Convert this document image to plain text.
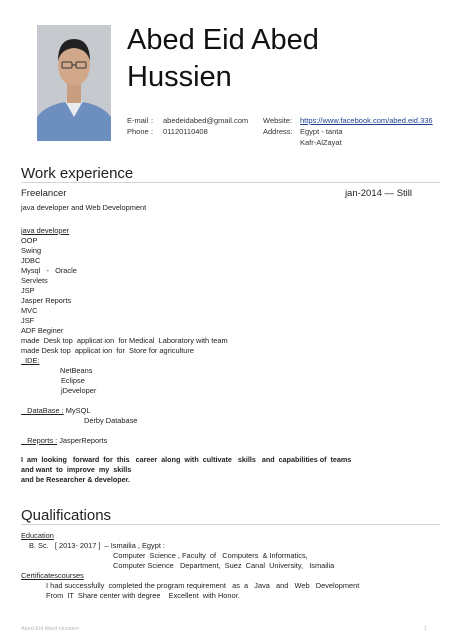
Abed Eid Abed
Hussien
E-mail : abedeidabed@gmail.com
Phone : 01120110408
Website: https://www.facebook.com/abed.eid.336
Address: Egypt - tanta
Kafr-AlZayat
Work experience
Freelancer	jan-2014 — Still
java developer and Web Development
java developer
OOP
Swing
JDBC
Mysql   -   Oracle
Servlets
JSP
Jasper Reports
MVC
JSF
ADF Beginer
made  Desk top  applicat ion  for Medical  Laboratory with team
made Desk top  applicat ion  for  Store for agriculture
IDE:
NetBeans
Eclipse
jDeveloper
DataBase : MySQL
Derby Database
Reports : JasperReports
I  am  looking   forward  for  this   career  along  with  cultivate   skills   and  capabilities of  teams
and want  to  improve  my  skills
and be Researcher & developer.
Qualifications
Education
B. Sc.   [ 2013- 2017 ]  – Ismailia , Egypt :
Computer  Science , Faculty  of   Computers  & Informatics,
Computer Science   Department,  Suez  Canal  University,   Ismailia
Certificatescourses
I had successfully  completed the program requirement   as  a   Java   and   Web   Development
From  IT  Share center with degree    Excellent  with Honor.
Abed Eid Abed Hussien	1
